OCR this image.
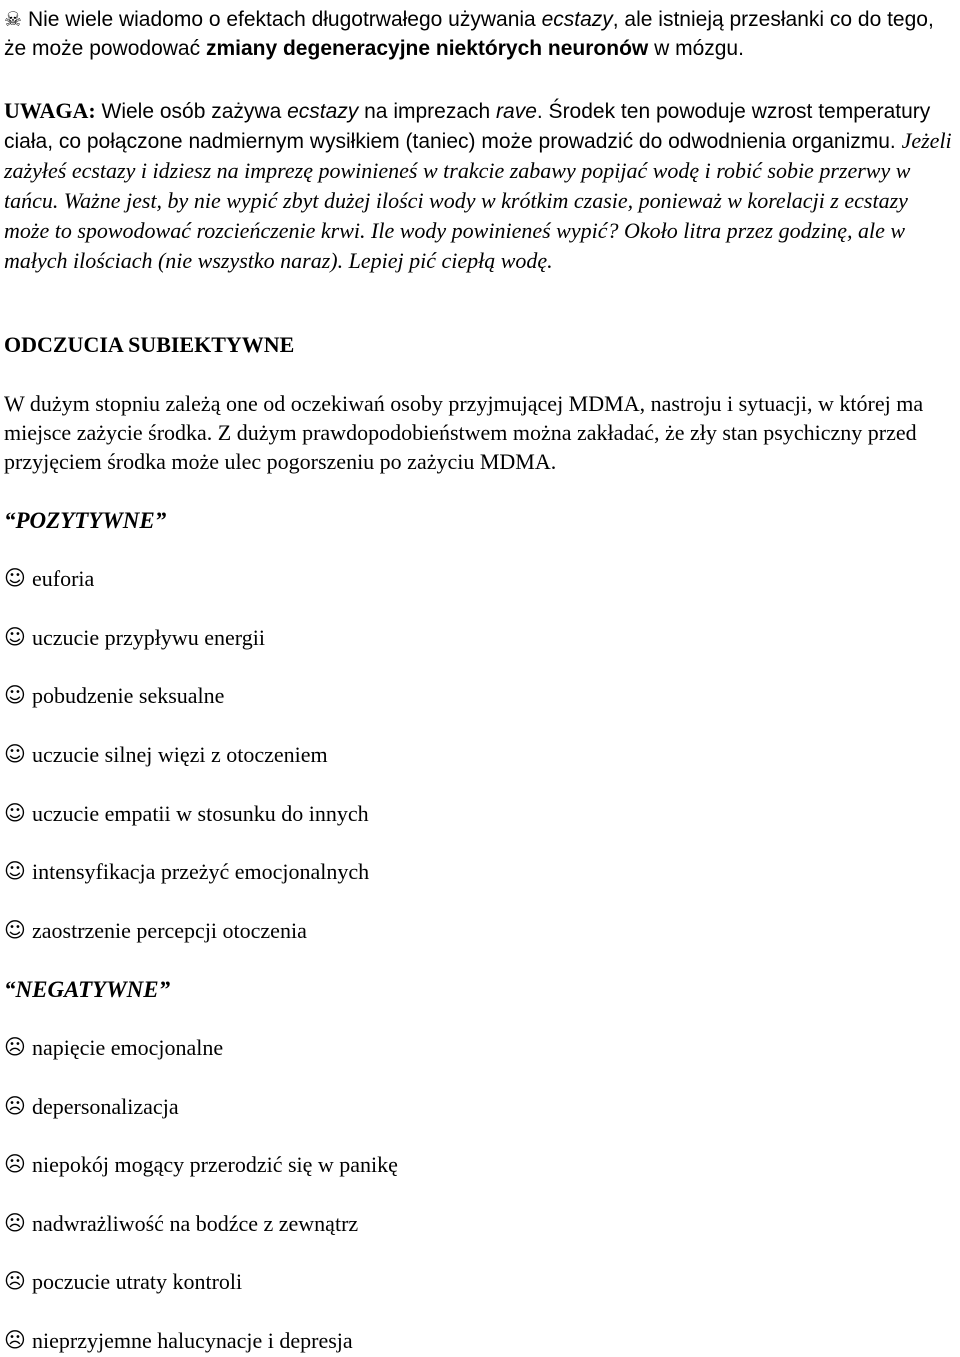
☠ Nie wiele wiadomo o efektach długotrwałego używania ecstazy, ale istnieją przesłanki co do tego, że może powodować zmiany degeneracyjne niektórych neuronów w mózgu.

UWAGA: Wiele osób zażywa ecstazy na imprezach rave. Środek ten powoduje wzrost temperatury ciała, co połączone nadmiernym wysiłkiem (taniec) może prowadzić do odwodnienia organizmu. Jeżeli zażyłeś ecstazy i idziesz na imprezę powinieneś w trakcie zabawy popijać wodę i robić sobie przerwy w tańcu. Ważne jest, by nie wypić zbyt dużej ilości wody w krótkim czasie, ponieważ w korelacji z ecstazy może to spowodować rozcieńczenie krwi. Ile wody powinieneś wypić? Około litra przez godzinę, ale w małych ilościach (nie wszystko naraz). Lepiej pić ciepłą wodę.

ODCZUCIA SUBIEKTYWNE

W dużym stopniu zależą one od oczekiwań osoby przyjmującej MDMA, nastroju i sytuacji, w której ma miejsce zażycie środka. Z dużym prawdopodobieństwem można zakładać, że zły stan psychiczny przed przyjęciem środka może ulec pogorszeniu po zażyciu MDMA.

“POZYTYWNE”
☺ euforia
☺ uczucie przypływu energii
☺ pobudzenie seksualne
☺ uczucie silnej więzi z otoczeniem
☺ uczucie empatii w stosunku do innych
☺ intensyfikacja przeżyć emocjonalnych
☺ zaostrzenie percepcji otoczenia
“NEGATYWNE”
☹ napięcie emocjonalne
☹ depersonalizacja
☹ niepokój mogący przerodzić się w panikę
☹ nadwrażliwość na bodźce z zewnątrz
☹ poczucie utraty kontroli
☹ nieprzyjemne halucynacje i depresja
